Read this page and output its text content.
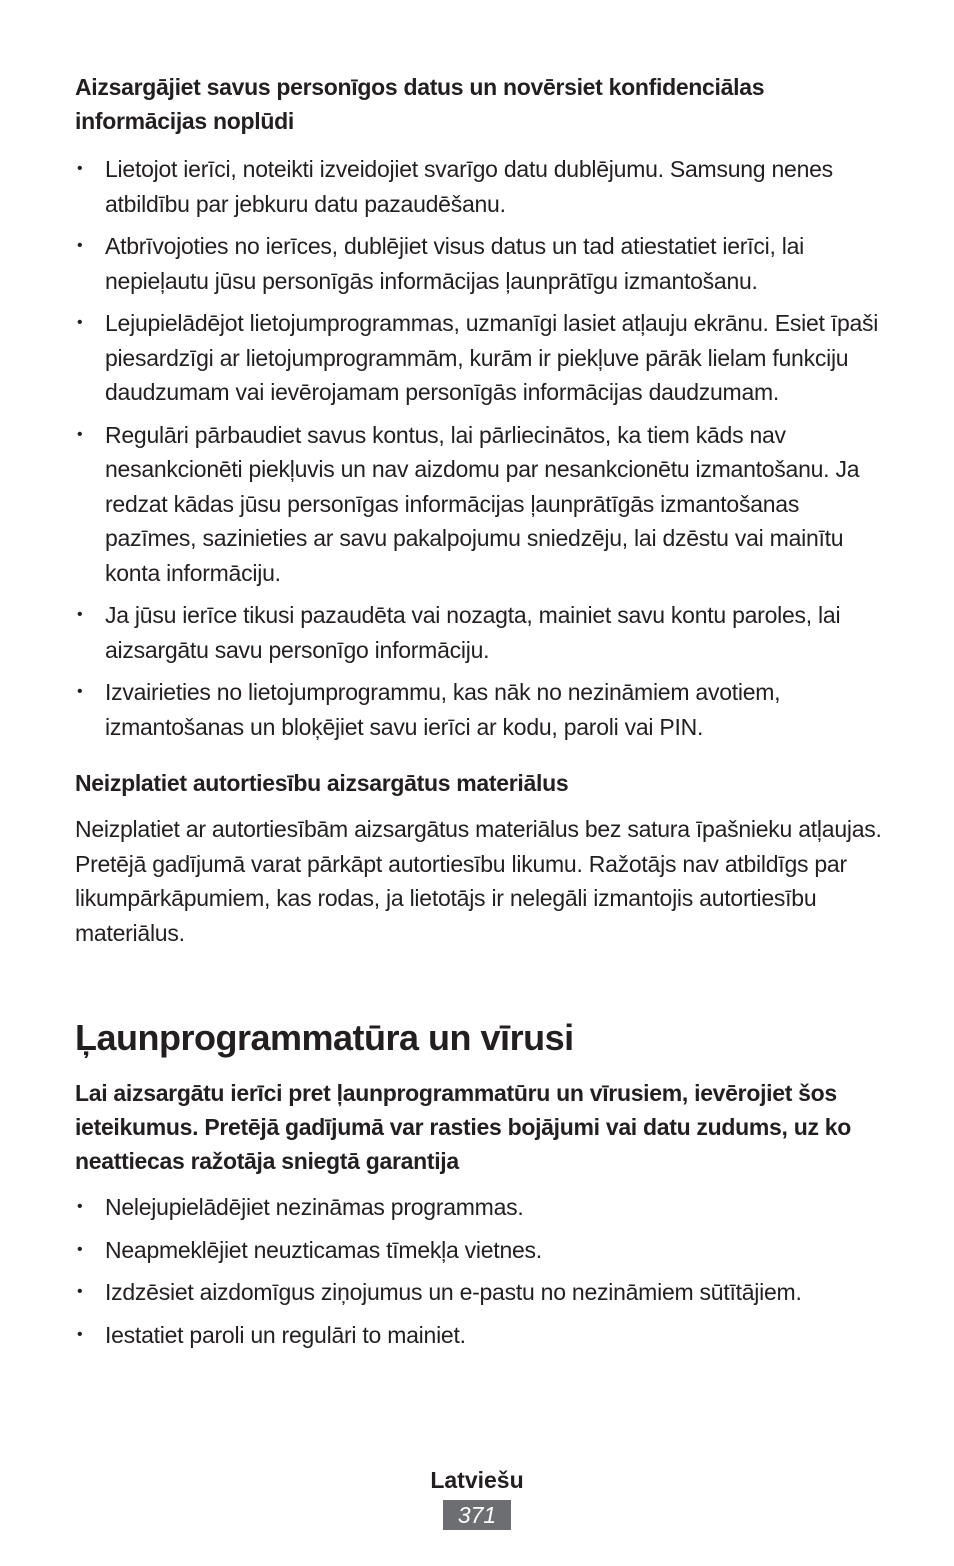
Aizsargājiet savus personīgos datus un novērsiet konfidenciālas informācijas noplūdi
• Lietojot ierīci, noteikti izveidojiet svarīgo datu dublējumu. Samsung nenes atbildību par jebkuru datu pazaudēšanu.
• Atbrīvojoties no ierīces, dublējiet visus datus un tad atiestatiet ierīci, lai nepieļautu jūsu personīgās informācijas ļaunprātīgu izmantošanu.
• Lejupielādējot lietojumprogrammas, uzmanīgi lasiet atļauju ekrānu. Esiet īpaši piesardzīgi ar lietojumprogrammām, kurām ir piekļuve pārāk lielam funkciju daudzumam vai ievērojamam personīgās informācijas daudzumam.
• Regulāri pārbaudiet savus kontus, lai pārliecinātos, ka tiem kāds nav nesankcionēti piekļuvis un nav aizdomu par nesankcionētu izmantošanu. Ja redzat kādas jūsu personīgas informācijas ļaunprātīgās izmantošanas pazīmes, sazinieties ar savu pakalpojumu sniedzēju, lai dzēstu vai mainītu konta informāciju.
• Ja jūsu ierīce tikusi pazaudēta vai nozagta, mainiet savu kontu paroles, lai aizsargātu savu personīgo informāciju.
• Izvairieties no lietojumprogrammu, kas nāk no nezināmiem avotiem, izmantošanas un bloķējiet savu ierīci ar kodu, paroli vai PIN.
Neizplatiet autortiesību aizsargātus materiālus

Neizplatiet ar autortiesībām aizsargātus materiālus bez satura īpašnieku atļaujas. Pretējā gadījumā varat pārkāpt autortiesību likumu. Ražotājs nav atbildīgs par likumpārkāpumiem, kas rodas, ja lietotājs ir nelegāli izmantojis autortiesību materiālus.

Ļaunprogrammatūra un vīrusi
Lai aizsargātu ierīci pret ļaunprogrammatūru un vīrusiem, ievērojiet šos ieteikumus. Pretējā gadījumā var rasties bojājumi vai datu zudums, uz ko neattiecas ražotāja sniegtā garantija
• Nelejupielādējiet nezināmas programmas.
• Neapmeklējiet neuzticamas tīmekļa vietnes.
• Izdzēsiet aizdomīgus ziņojumus un e-pastu no nezināmiem sūtītājiem.
• Iestatiet paroli un regulāri to mainiet.
Latviešu
371
